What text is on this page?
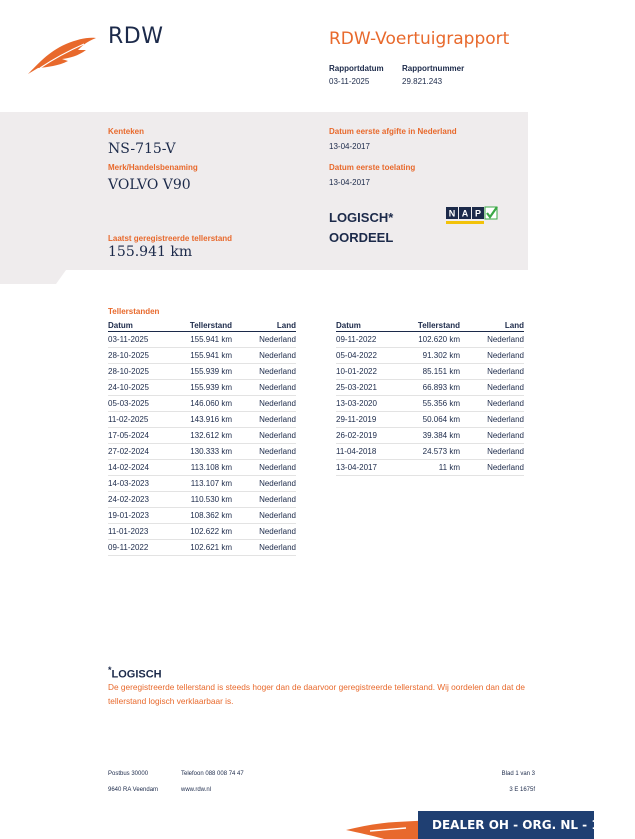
RDW	RDW-Voertuigrapport
Rapportdatum
03-11-2025
Rapportnummer
29.821.243
Kenteken
NS-715-V
Merk/Handelsbenaming
VOLVO V90
Laatst geregistreerde tellerstand
155.941 km
Datum eerste afgifte in Nederland
13-04-2017
Datum eerste toelating
13-04-2017
LOGISCH*
OORDEEL
N A P
Tellerstanden
Datum	Tellerstand	Land
03-11-2025	155.941 km	Nederland
28-10-2025	155.941 km	Nederland
28-10-2025	155.939 km	Nederland
24-10-2025	155.939 km	Nederland
05-03-2025	146.060 km	Nederland
11-02-2025	143.916 km	Nederland
17-05-2024	132.612 km	Nederland
27-02-2024	130.333 km	Nederland
14-02-2024	113.108 km	Nederland
14-03-2023	113.107 km	Nederland
24-02-2023	110.530 km	Nederland
19-01-2023	108.362 km	Nederland
11-01-2023	102.622 km	Nederland
09-11-2022	102.621 km	Nederland
Datum	Tellerstand	Land
09-11-2022	102.620 km	Nederland
05-04-2022	91.302 km	Nederland
10-01-2022	85.151 km	Nederland
25-03-2021	66.893 km	Nederland
13-03-2020	55.356 km	Nederland
29-11-2019	50.064 km	Nederland
26-02-2019	39.384 km	Nederland
11-04-2018	24.573 km	Nederland
13-04-2017	11 km	Nederland
*LOGISCH
De geregistreerde tellerstand is steeds hoger dan de daarvoor geregistreerde tellerstand. Wij oordelen dan dat de tellerstand logisch verklaarbaar is.
Postbus 30000
9640 RA Veendam
Telefoon 088 008 74 47
www.rdw.nl
Blad 1 van 3
3 E 1675f
DEALER OH - ORG. NL - 1E EIG
